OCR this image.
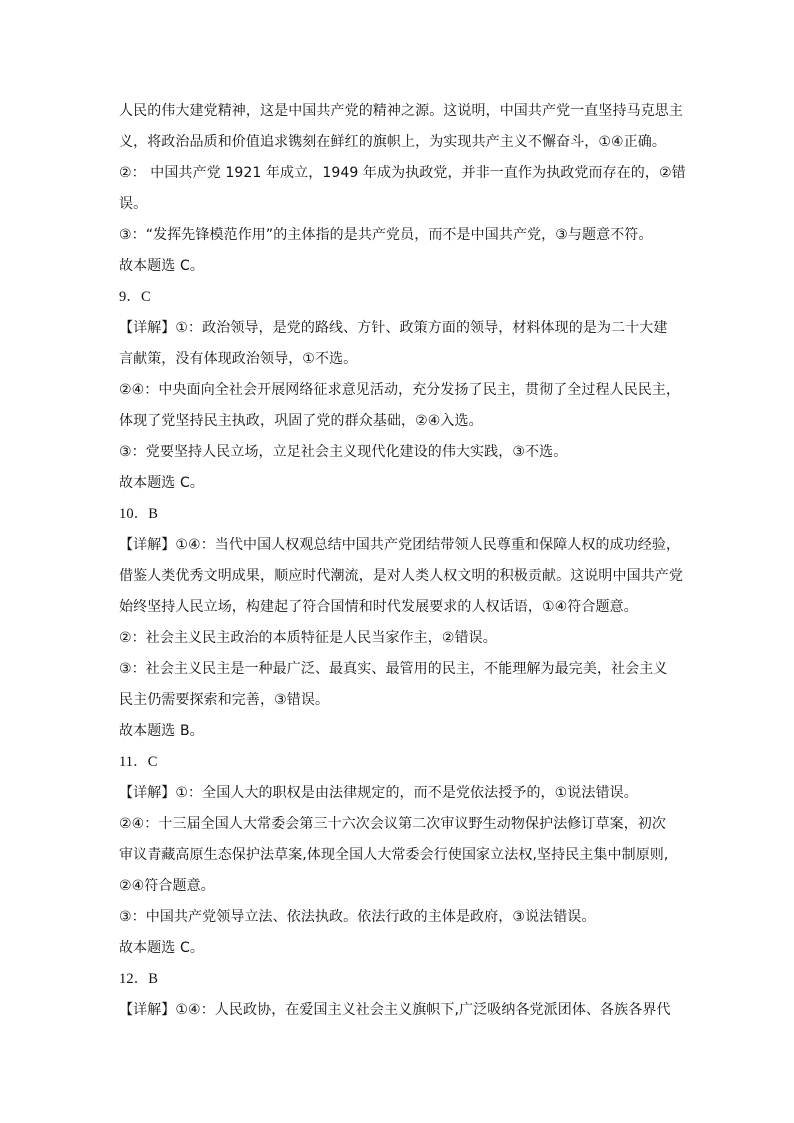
人民的伟大建党精神，这是中国共产党的精神之源。这说明，中国共产党一直坚持马克思主
义，将政治品质和价值追求镌刻在鲜红的旗帜上，为实现共产主义不懈奋斗，①④正确。
②： 中国共产党 1921 年成立，1949 年成为执政党，并非一直作为执政党而存在的，②错
误。
③：“发挥先锋模范作用”的主体指的是共产党员，而不是中国共产党，③与题意不符。
故本题选 C。
9．C
【详解】①：政治领导，是党的路线、方针、政策方面的领导，材料体现的是为二十大建
言献策，没有体现政治领导，①不选。
②④：中央面向全社会开展网络征求意见活动，充分发扬了民主，贯彻了全过程人民民主，
体现了党坚持民主执政，巩固了党的群众基础，②④入选。
③：党要坚持人民立场，立足社会主义现代化建设的伟大实践，③不选。
故本题选 C。
10．B
【详解】①④：当代中国人权观总结中国共产党团结带领人民尊重和保障人权的成功经验，
借鉴人类优秀文明成果，顺应时代潮流，是对人类人权文明的积极贡献。这说明中国共产党
始终坚持人民立场，构建起了符合国情和时代发展要求的人权话语，①④符合题意。
②：社会主义民主政治的本质特征是人民当家作主，②错误。
③：社会主义民主是一种最广泛、最真实、最管用的民主，不能理解为最完美，社会主义
民主仍需要探索和完善，③错误。
故本题选 B。
11．C
【详解】①：全国人大的职权是由法律规定的，而不是党依法授予的，①说法错误。
②④：十三届全国人大常委会第三十六次会议第二次审议野生动物保护法修订草案，初次
审议青藏高原生态保护法草案,体现全国人大常委会行使国家立法权,坚持民主集中制原则,
②④符合题意。
③：中国共产党领导立法、依法执政。依法行政的主体是政府，③说法错误。
故本题选 C。
12．B
【详解】①④：人民政协，在爱国主义社会主义旗帜下,广泛吸纳各党派团体、各族各界代
